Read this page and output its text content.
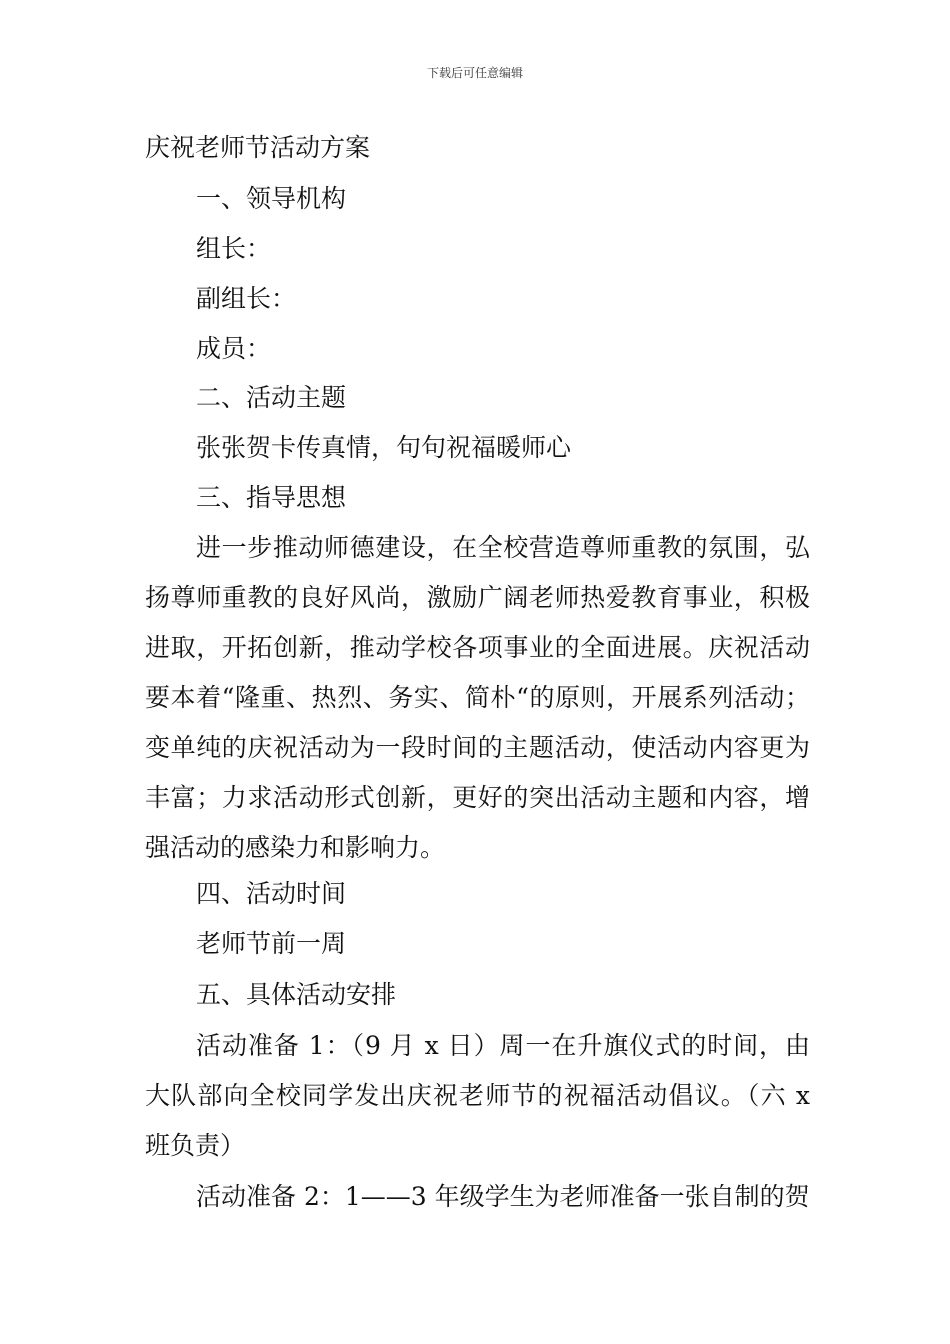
下载后可任意编辑
庆祝老师节活动方案
一、领导机构
组长：
副组长：
成员：
二、活动主题
张张贺卡传真情，句句祝福暖师心
三、指导思想

进一步推动师德建设，在全校营造尊师重教的氛围，弘扬尊师重教的良好风尚，激励广阔老师热爱教育事业，积极进取，开拓创新，推动学校各项事业的全面进展。庆祝活动要本着“隆重、热烈、务实、简朴“的原则，开展系列活动；变单纯的庆祝活动为一段时间的主题活动，使活动内容更为丰富；力求活动形式创新，更好的突出活动主题和内容，增强活动的感染力和影响力。

四、活动时间
老师节前一周
五、具体活动安排

活动准备 1：（9 月 x 日）周一在升旗仪式的时间，由大队部向全校同学发出庆祝老师节的祝福活动倡议。（六 x 班负责）

活动准备 2：1——3 年级学生为老师准备一张自制的贺
